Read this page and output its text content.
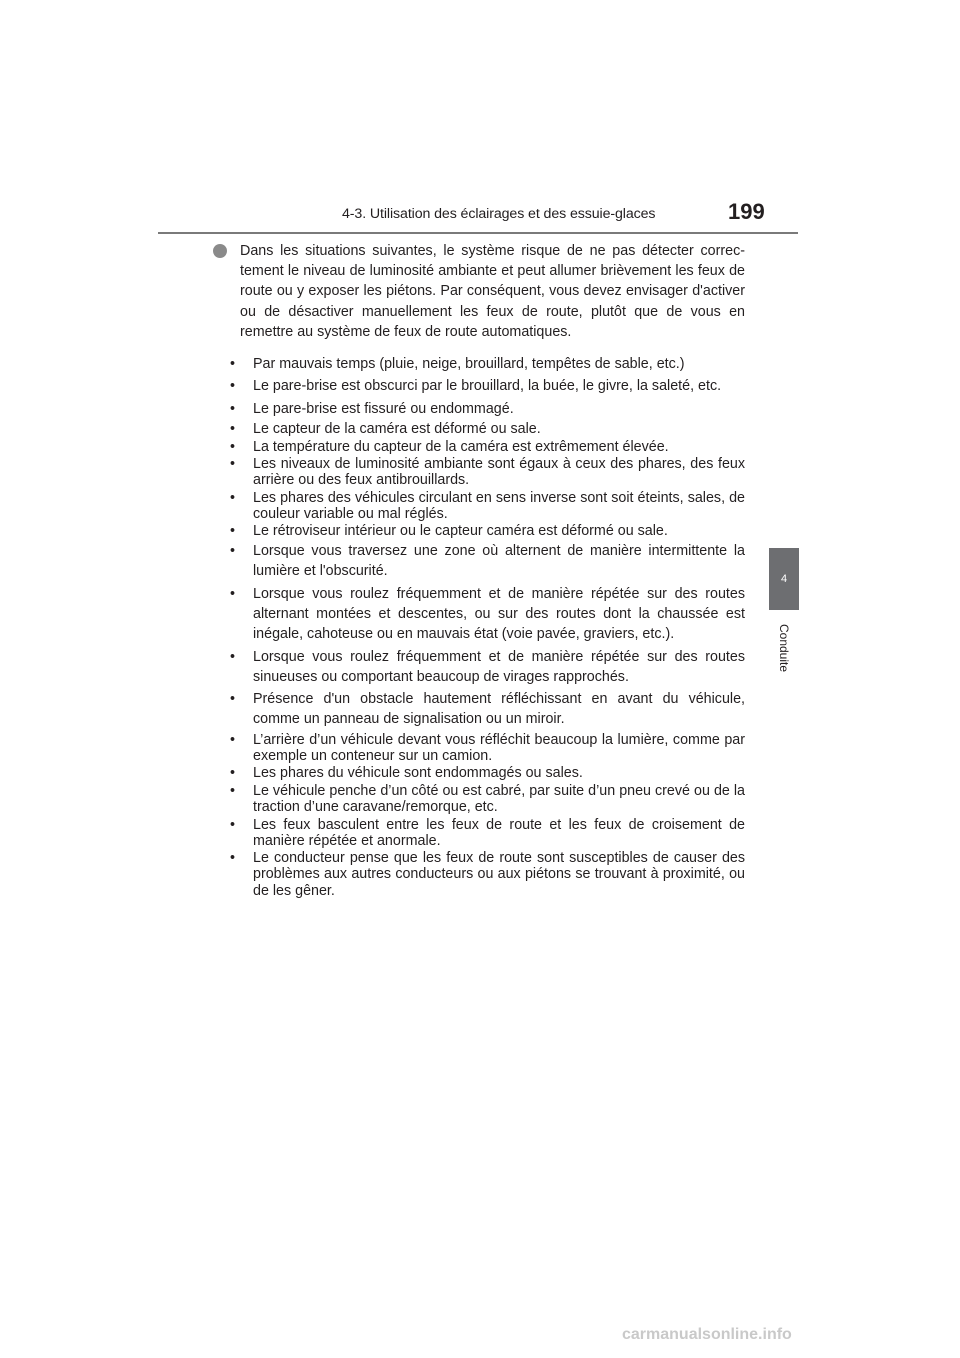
4-3. Utilisation des éclairages et des essuie-glaces	199
4
Conduite
Dans les situations suivantes, le système risque de ne pas détecter correc-tement le niveau de luminosité ambiante et peut allumer brièvement les feux de route ou y exposer les piétons. Par conséquent, vous devez envisager d'activer ou de désactiver manuellement les feux de route, plutôt que de vous en remettre au système de feux de route automatiques.
• Par mauvais temps (pluie, neige, brouillard, tempêtes de sable, etc.)
• Le pare-brise est obscurci par le brouillard, la buée, le givre, la saleté, etc.
• Le pare-brise est fissuré ou endommagé.
• Le capteur de la caméra est déformé ou sale.
• La température du capteur de la caméra est extrêmement élevée.
• Les niveaux de luminosité ambiante sont égaux à ceux des phares, des feux arrière ou des feux antibrouillards.
• Les phares des véhicules circulant en sens inverse sont soit éteints, sales, de couleur variable ou mal réglés.
• Le rétroviseur intérieur ou le capteur caméra est déformé ou sale.
• Lorsque vous traversez une zone où alternent de manière intermittente la lumière et l'obscurité.
• Lorsque vous roulez fréquemment et de manière répétée sur des routes alternant montées et descentes, ou sur des routes dont la chaussée est inégale, cahoteuse ou en mauvais état (voie pavée, graviers, etc.).
• Lorsque vous roulez fréquemment et de manière répétée sur des routes sinueuses ou comportant beaucoup de virages rapprochés.
• Présence d'un obstacle hautement réfléchissant en avant du véhicule, comme un panneau de signalisation ou un miroir.
• L’arrière d’un véhicule devant vous réfléchit beaucoup la lumière, comme par exemple un conteneur sur un camion.
• Les phares du véhicule sont endommagés ou sales.
• Le véhicule penche d’un côté ou est cabré, par suite d’un pneu crevé ou de la traction d’une caravane/remorque, etc.
• Les feux basculent entre les feux de route et les feux de croisement de manière répétée et anormale.
• Le conducteur pense que les feux de route sont susceptibles de causer des problèmes aux autres conducteurs ou aux piétons se trouvant à proximité, ou de les gêner.
carmanualsonline.info
